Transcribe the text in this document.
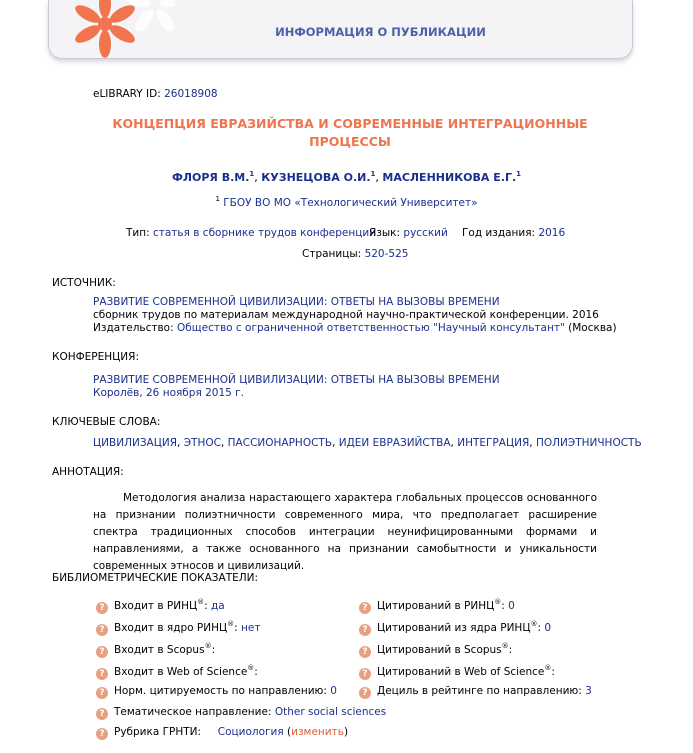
ИНФОРМАЦИЯ О ПУБЛИКАЦИИ
eLIBRARY ID: 26018908
КОНЦЕПЦИЯ ЕВРАЗИЙСТВА И СОВРЕМЕННЫЕ ИНТЕГРАЦИОННЫЕ
ПРОЦЕССЫ
ФЛОРЯ В.М.$^1$, КУЗНЕЦОВА О.И.$^1$, МАСЛЕННИКОВА Е.Г.$^1$
$^1$ ГБОУ ВО МО «Технологический Университет»
Тип: статья в сборнике трудов конференции
Язык: русский Год издания: 2016
Страницы: 520-525
ИСТОЧНИК:
РАЗВИТИЕ СОВРЕМЕННОЙ ЦИВИЛИЗАЦИИ: ОТВЕТЫ НА ВЫЗОВЫ ВРЕМЕНИ
сборник трудов по материалам международной научно-практической конференции. 2016
Издательство: Общество с ограниченной ответственностью "Научный консультант" (Москва)
КОНФЕРЕНЦИЯ:
РАЗВИТИЕ СОВРЕМЕННОЙ ЦИВИЛИЗАЦИИ: ОТВЕТЫ НА ВЫЗОВЫ ВРЕМЕНИ
Королёв, 26 ноября 2015 г.
КЛЮЧЕВЫЕ СЛОВА:
ЦИВИЛИЗАЦИЯ, ЭТНОС, ПАССИОНАРНОСТЬ, ИДЕИ ЕВРАЗИЙСТВА, ИНТЕГРАЦИЯ, ПОЛИЭТНИЧНОСТЬ
АННОТАЦИЯ:
Методология анализа нарастающего характера глобальных процессов основанного на признании полиэтничности современного мира, что предполагает расширение спектра традиционных способов интеграции неунифицированными формами и направлениями, а также основанного на признании самобытности и уникальности современных этносов и цивилизаций.
БИБЛИОМЕТРИЧЕСКИЕ ПОКАЗАТЕЛИ:
? Входит в РИНЦ®: да
? Входит в ядро РИНЦ®: нет
? Входит в Scopus®:
? Входит в Web of Science®:
? Норм. цитируемость по направлению: 0
? Цитирований в РИНЦ®: 0
? Цитирований из ядра РИНЦ®: 0
? Цитирований в Scopus®:
? Цитирований в Web of Science®:
? Дециль в рейтинге по направлению: 3
? Тематическое направление: Other social sciences
? Рубрика ГРНТИ: Социология (изменить)
